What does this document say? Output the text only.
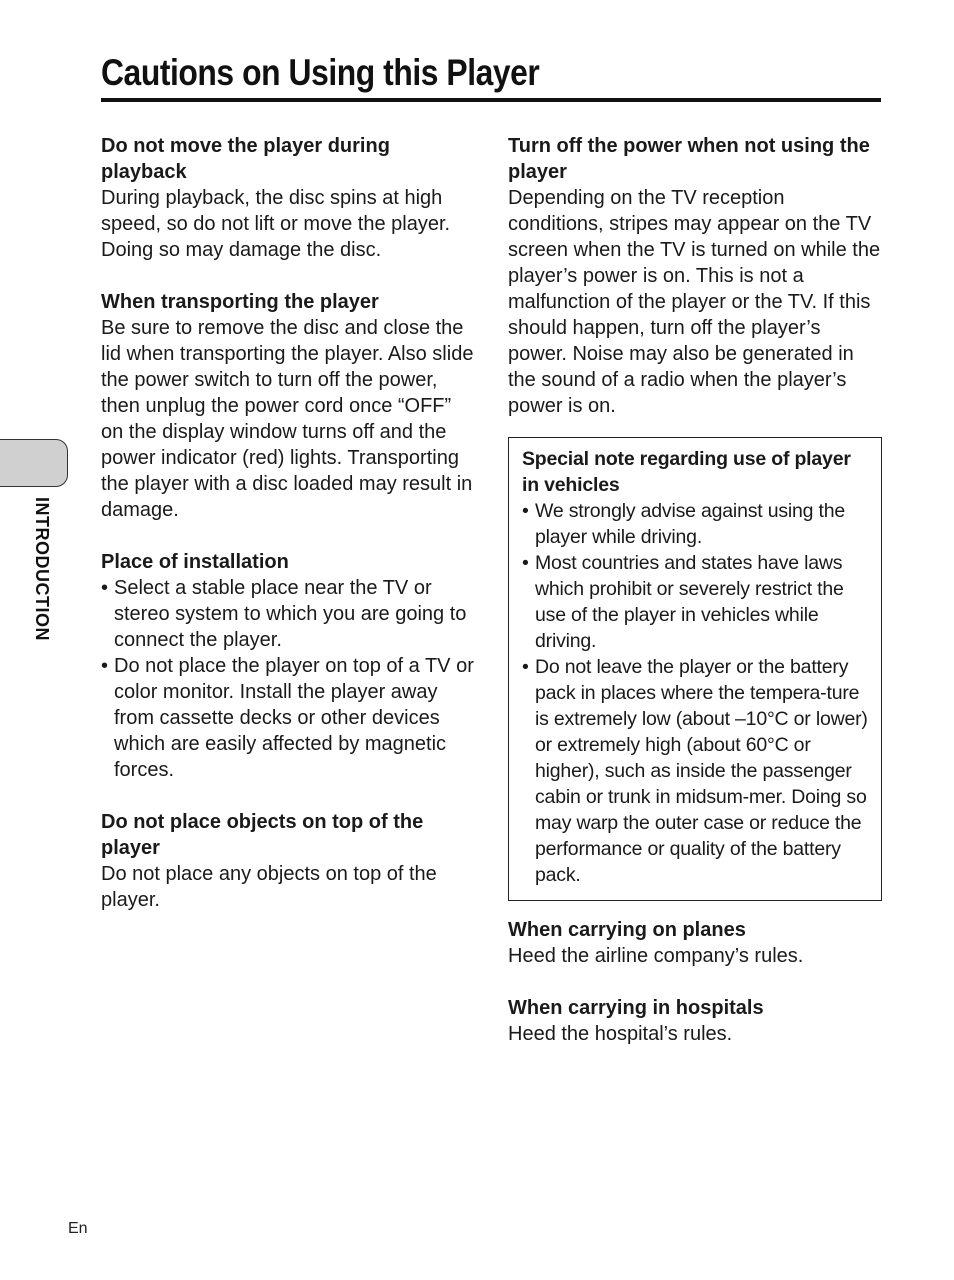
Cautions on Using this Player
INTRODUCTION

Do not move the player during playback

During playback, the disc spins at high speed, so do not lift or move the player. Doing so may damage the disc.

When transporting the player

Be sure to remove the disc and close the lid when transporting the player. Also slide the power switch to turn off the power, then unplug the power cord once “OFF” on the display window turns off and the power indicator (red) lights. Transporting the player with a disc loaded may result in damage.

Place of installation

• Select a stable place near the TV or stereo system to which you are going to connect the player.
• Do not place the player on top of a TV or color monitor. Install the player away from cassette decks or other devices which are easily affected by magnetic forces.

Do not place objects on top of the player

Do not place any objects on top of the player.

Turn off the power when not using the player

Depending on the TV reception conditions, stripes may appear on the TV screen when the TV is turned on while the player’s power is on. This is not a malfunction of the player or the TV. If this should happen, turn off the player’s power. Noise may also be generated in the sound of a radio when the player’s power is on.

Special note regarding use of player in vehicles

• We strongly advise against using the player while driving.
• Most countries and states have laws which prohibit or severely restrict the use of the player in vehicles while driving.
• Do not leave the player or the battery pack in places where the tempera-ture is extremely low (about –10°C or lower) or extremely high (about 60°C or higher), such as inside the passenger cabin or trunk in midsum-mer. Doing so may warp the outer case or reduce the performance or quality of the battery pack.

When carrying on planes

Heed the airline company’s rules.

When carrying in hospitals

Heed the hospital’s rules.

En
